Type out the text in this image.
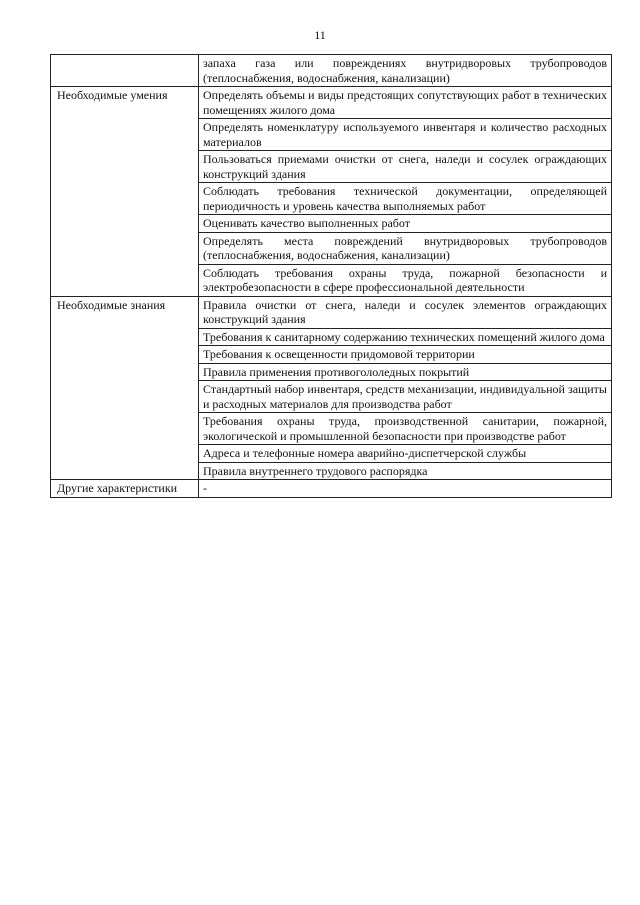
11
	запаха газа или повреждениях внутридворовых трубопроводов (теплоснабжения, водоснабжения, канализации)
Необходимые умения	Определять объемы и виды предстоящих сопутствующих работ в технических помещениях жилого дома
	Определять номенклатуру используемого инвентаря и количество расходных материалов
	Пользоваться приемами очистки от снега, наледи и сосулек ограждающих конструкций здания
	Соблюдать требования технической документации, определяющей периодичность и уровень качества выполняемых работ
	Оценивать качество выполненных работ
	Определять места повреждений внутридворовых трубопроводов (теплоснабжения, водоснабжения, канализации)
	Соблюдать требования охраны труда, пожарной безопасности и электробезопасности в сфере профессиональной деятельности
Необходимые знания	Правила очистки от снега, наледи и сосулек элементов ограждающих конструкций здания
	Требования к санитарному содержанию технических помещений жилого дома
	Требования к освещенности придомовой территории
	Правила применения противогололедных покрытий
	Стандартный набор инвентаря, средств механизации, индивидуальной защиты и расходных материалов для производства работ
	Требования охраны труда, производственной санитарии, пожарной, экологической и промышленной безопасности при производстве работ
	Адреса и телефонные номера аварийно-диспетчерской службы
	Правила внутреннего трудового распорядка
Другие характеристики	-
